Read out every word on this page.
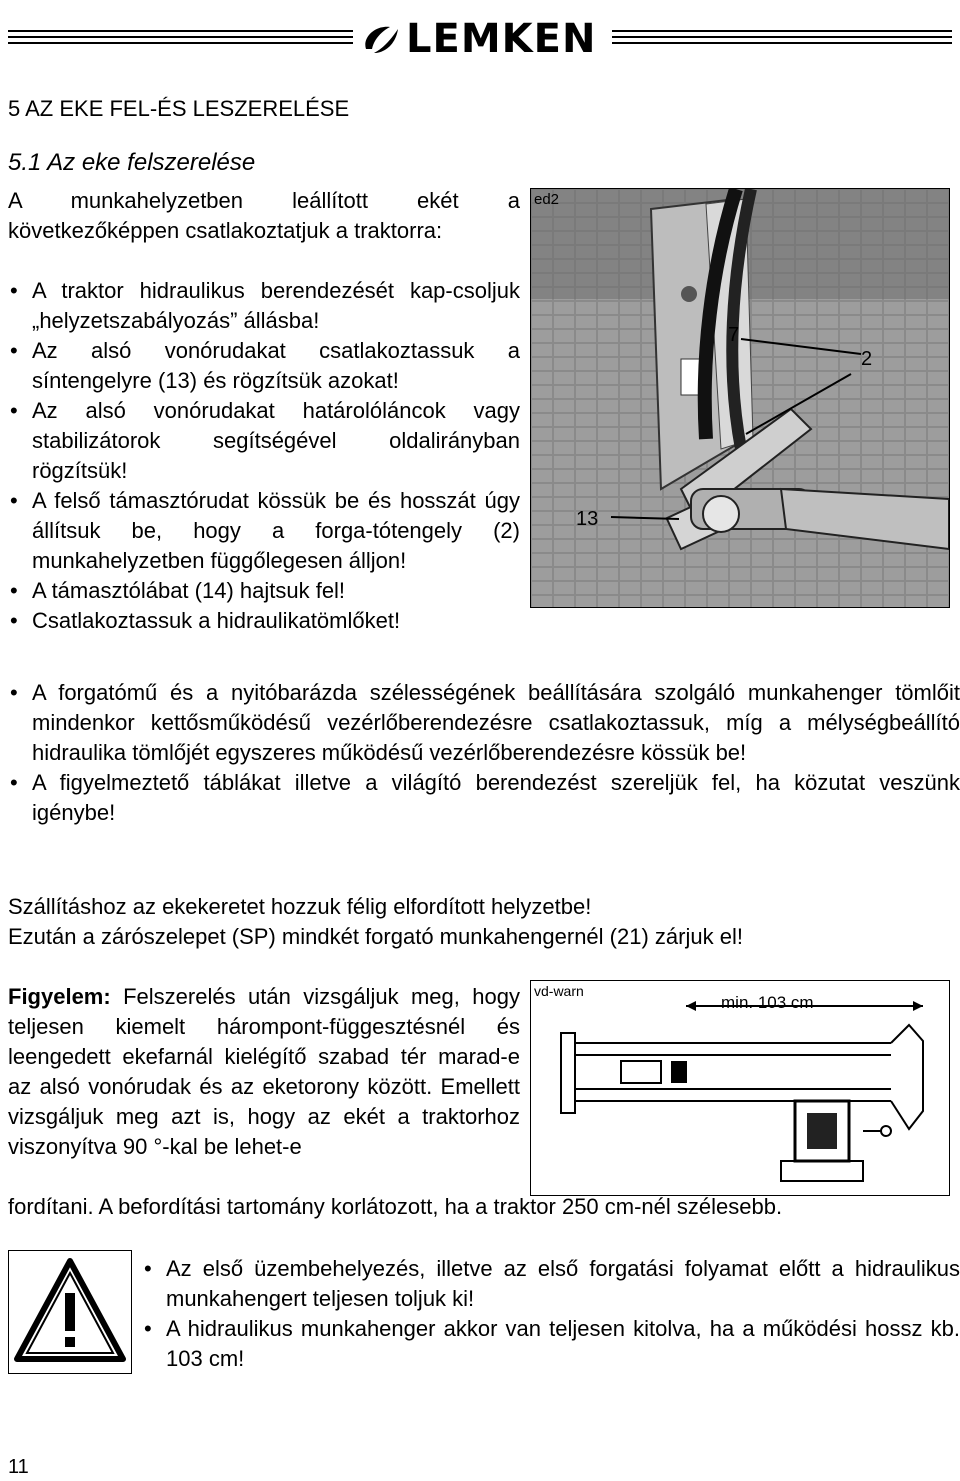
LEMKEN
5 AZ EKE FEL-ÉS LESZERELÉSE
5.1 Az eke felszerelése
A munkahelyzetben leállított ekét a következőképpen csatlakoztatjuk a traktorra:
• A traktor hidraulikus berendezését kap-csoljuk „helyzetszabályozás” állásba!
• Az alsó vonórudakat csatlakoztassuk a síntengelyre (13) és rögzítsük azokat!
• Az alsó vonórudakat határolóláncok vagy stabilizátorok segítségével oldalirányban rögzítsük!
• A felső támasztórudat kössük be és hosszát úgy állítsuk be, hogy a forga-tótengely (2) munkahelyzetben függőlegesen álljon!
• A támasztólábat (14) hajtsuk fel!
• Csatlakoztassuk a hidraulikatömlőket!
7
2
13
ed2
• A forgatómű és a nyitóbarázda szélességének beállítására szolgáló munkahenger tömlőit mindenkor kettősműködésű vezérlőberendezésre csatlakoztassuk, míg a mélységbeállító hidraulika tömlőjét egyszeres működésű vezérlőberendezésre kössük be!
• A figyelmeztető táblákat illetve a világító berendezést szereljük fel, ha közutat veszünk igénybe!
Szállításhoz az ekekeretet hozzuk félig elfordított helyzetbe!
Ezután a zárószelepet (SP) mindkét forgató munkahengernél (21) zárjuk el!
Figyelem: Felszerelés után vizsgáljuk meg, hogy teljesen kiemelt hárompont-függesztésnél és leengedett ekefarnál kielégítő szabad tér marad-e az alsó vonórudak és az eketorony között. Emellett vizsgáljuk meg azt is, hogy az ekét a traktorhoz viszonyítva 90 °-kal be lehet-e
fordítani. A befordítási tartomány korlátozott, ha a traktor 250 cm-nél szélesebb.
vd-warn
min. 103 cm
• Az első üzembehelyezés, illetve az első forgatási folyamat előtt a hidraulikus munkahengert teljesen toljuk ki!
• A hidraulikus munkahenger akkor van teljesen kitolva, ha a működési hossz kb. 103 cm!
11
